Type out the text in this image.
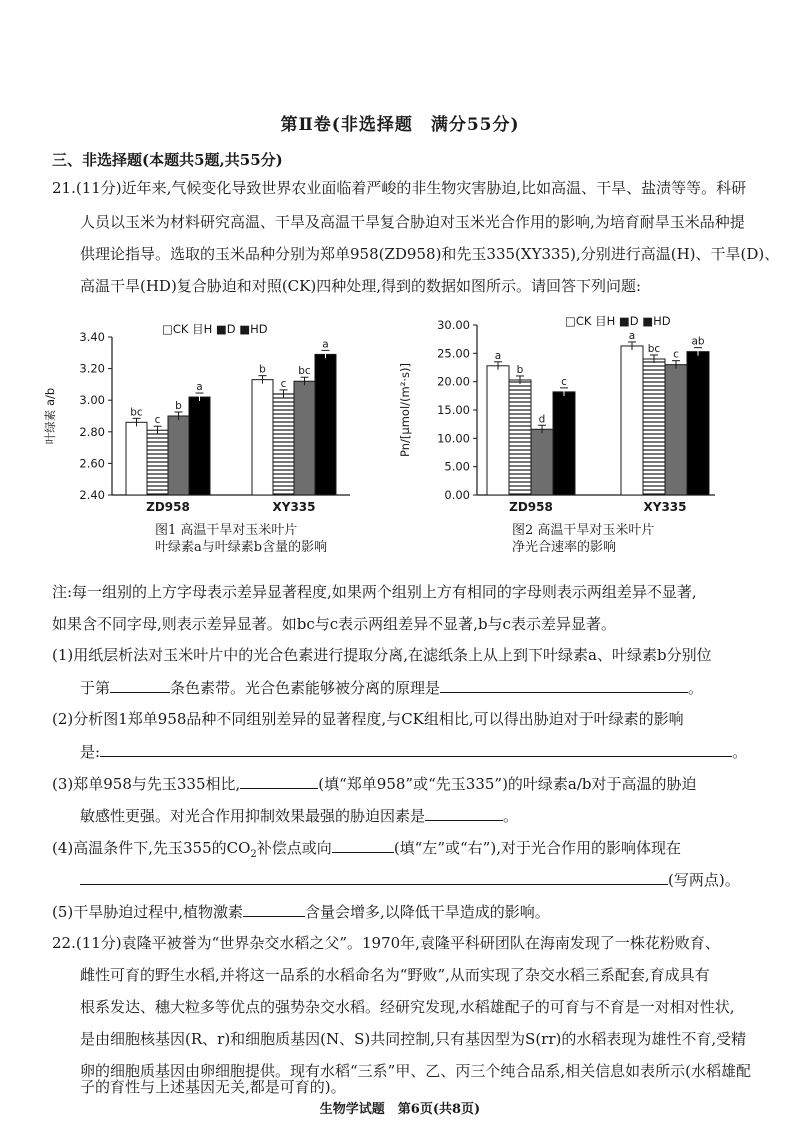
第Ⅱ卷(非选择题　满分55分)
三、非选择题(本题共5题,共55分)
21.(11分)近年来,气候变化导致世界农业面临着严峻的非生物灾害胁迫,比如高温、干旱、盐渍等等。科研
人员以玉米为材料研究高温、干旱及高温干旱复合胁迫对玉米光合作用的影响,为培育耐旱玉米品种提
供理论指导。选取的玉米品种分别为郑单958(ZD958)和先玉335(XY335),分别进行高温(H)、干旱(D)、
高温干旱(HD)复合胁迫和对照(CK)四种处理,得到的数据如图所示。请回答下列问题:
2.40
2.60
2.80
3.00
3.20
3.40
叶绿素 a/b
□CK 目H ■D ■HD
bc
c
b
a
ZD958
b
c
bc
a
XY335
图1 高温干旱对玉米叶片
叶绿素a与叶绿素b含量的影响
0.00
5.00
10.00
15.00
20.00
25.00
30.00
Pn/[μmol/(m²·s)]
□CK 目H ■D ■HD
a
b
d
c
ZD958
a
bc c
ab
XY335
图2 高温干旱对玉米叶片
净光合速率的影响
注:每一组别的上方字母表示差异显著程度,如果两个组别上方有相同的字母则表示两组差异不显著,
如果含不同字母,则表示差异显著。如bc与c表示两组差异不显著,b与c表示差异显著。
(1)用纸层析法对玉米叶片中的光合色素进行提取分离,在滤纸条上从上到下叶绿素a、叶绿素b分别位
于第	条色素带。光合色素能够被分离的原理是	。
(2)分析图1郑单958品种不同组别差异的显著程度,与CK组相比,可以得出胁迫对于叶绿素的影响
是:	。
(3)郑单958与先玉335相比,	(填“郑单958”或“先玉335”)的叶绿素a/b对于高温的胁迫
敏感性更强。对光合作用抑制效果最强的胁迫因素是	。
(4)高温条件下,先玉355的$CO_2$补偿点或向	(填“左”或“右”),对于光合作用的影响体现在
(写两点)。
(5)干旱胁迫过程中,植物激素	含量会增多,以降低干旱造成的影响。
22.(11分)袁隆平被誉为“世界杂交水稻之父”。1970年,袁隆平科研团队在海南发现了一株花粉败育、
雌性可育的野生水稻,并将这一品系的水稻命名为“野败”,从而实现了杂交水稻三系配套,育成具有
根系发达、穗大粒多等优点的强势杂交水稻。经研究发现,水稻雄配子的可育与不育是一对相对性状,
是由细胞核基因(R、r)和细胞质基因(N、S)共同控制,只有基因型为S(rr)的水稻表现为雄性不育,受精
卵的细胞质基因由卵细胞提供。现有水稻“三系”甲、乙、丙三个纯合品系,相关信息如表所示(水稻雄配
生物学试题　第6页(共8页)
子的育性与上述基因无关,都是可育的)。
